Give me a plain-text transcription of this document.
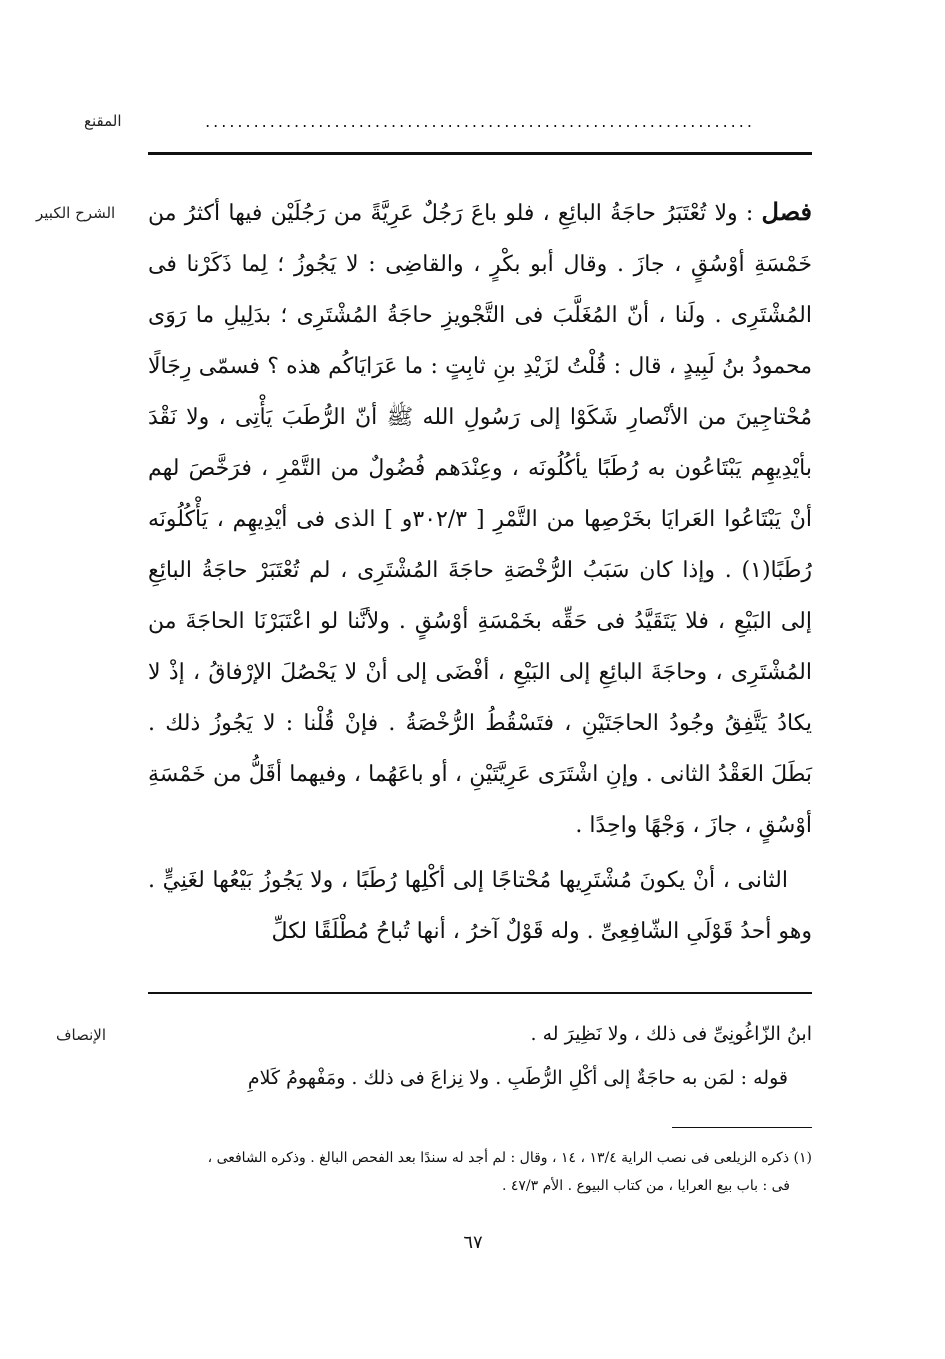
المقنع	....................................................................
الشرح الكبير	فصل : ولا تُعْتَبَرُ حاجَةُ البائِعِ ، فلو باعَ رَجُلٌ عَرِيَّةً من رَجُلَيْن فيها أكثرُ من خَمْسَةِ أوْسُقٍ ، جازَ . وقال أبو بكْرٍ ، والقاضِى : لا يَجُوزُ ؛ لِما ذَكَرْنا فى المُشْتَرِى . ولَنا ، أنّ المُغَلَّبَ فى التَّجْويزِ حاجَةُ المُشْتَرِى ؛ بدَلِيلِ ما رَوَى محمودُ بنُ لَبِيدٍ ، قال : قُلْتُ لزَيْدِ بنِ ثابِتٍ : ما عَرَايَاكُم هذه ؟ فسمّى رِجَالًا مُحْتاجِينَ من الأنْصارِ شَكَوْا إلى رَسُولِ الله ﷺ أنّ الرُّطَبَ يَأْتِى ، ولا نَقْدَ بأيْدِيهِم يَبْتَاعُون به رُطَبًا يأكُلُونَه ، وعِنْدَهم فُضُولٌ من التَّمْرِ ، فرَخَّصَ لهم أنْ يَبْتَاعُوا العَرايَا بخَرْصِها من التَّمْرِ [ ٣٠٢/٣و ] الذى فى أيْدِيهِم ، يَأْكُلُونَه رُطَبًا(١) . وإذا كان سَبَبُ الرُّخْصَةِ حاجَةَ المُشْتَرِى ، لم تُعْتَبَرْ حاجَةُ البائِعِ إلى البَيْعِ ، فلا يَتَقَيَّدُ فى حَقِّه بخَمْسَةِ أوْسُقٍ . ولأنَّنا لو اعْتَبَرْنَا الحاجَةَ من المُشْتَرِى ، وحاجَةَ البائِعِ إلى البَيْعِ ، أفْضَى إلى أنْ لا يَحْصُلَ الإرْفاقُ ، إذْ لا يكادُ يَتَّفِقُ وجُودُ الحاجَتَيْنِ ، فتَسْقُطُ الرُّخْصَةُ . فإنْ قُلْنا : لا يَجُوزُ ذلك . بَطَلَ العَقْدُ الثانى . وإنِ اشْتَرَى عَرِيَّتَيْنِ ، أو باعَهُما ، وفيهما أقَلُّ من خَمْسَةِ أوْسُقٍ ، جازَ ، وَجْهًا واحِدًا .

الثانى ، أنْ يكونَ مُشْتَرِيها مُحْتاجًا إلى أكْلِها رُطَبًا ، ولا يَجُوزُ بَيْعُها لغَنِيٍّ . وهو أحدُ قَوْلَىِ الشّافِعِىِّ . وله قَوْلٌ آخرُ ، أنها تُباحُ مُطْلَقًا لكلِّ

الإنصاف	ابنُ الزّاغُونِىِّ فى ذلك ، ولا نَظِيرَ له .

قوله : لمَن به حاجَةٌ إلى أكْلِ الرُّطَبِ . ولا نِزاعَ فى ذلك . ومَفْهومُ كَلامِ

(١) ذكره الزيلعى فى نصب الراية ١٣/٤ ، ١٤ ، وقال : لم أجد له سندًا بعد الفحص البالغ . وذكره الشافعى ،

فى : باب بيع العرايا ، من كتاب البيوع . الأم ٤٧/٣ .

٦٧
